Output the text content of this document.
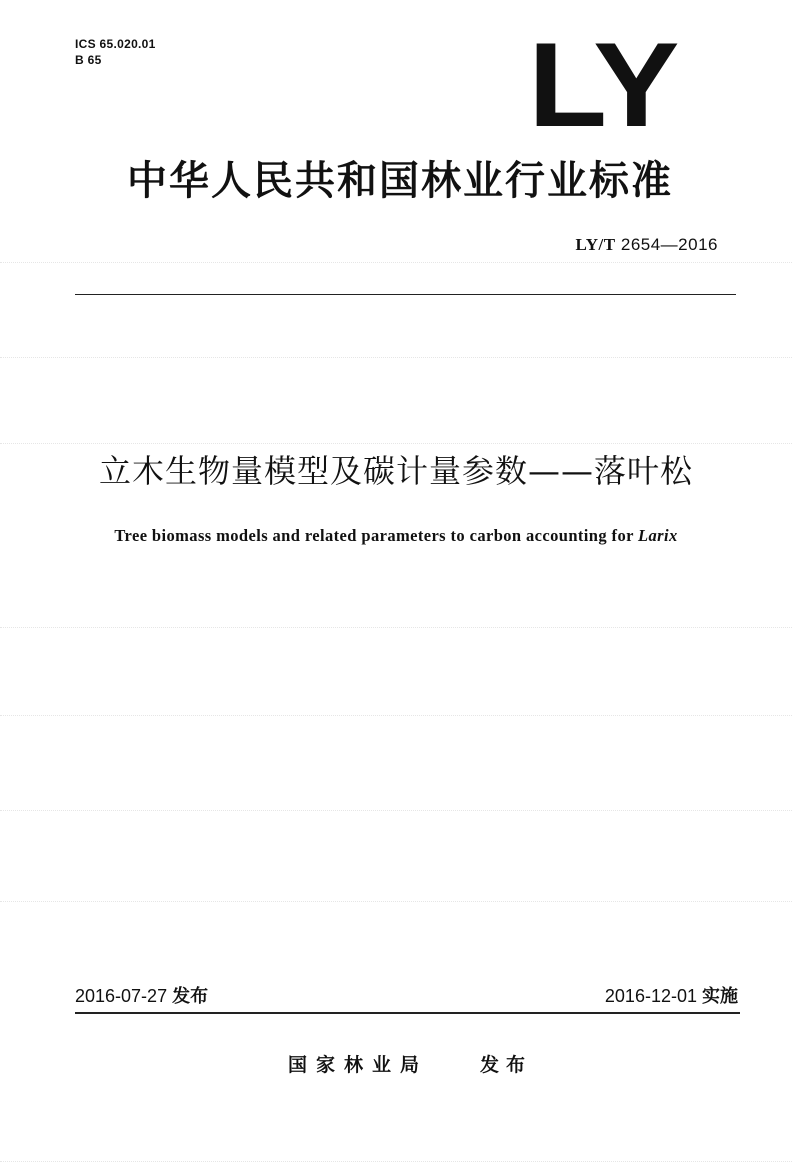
ICS 65.020.01
B 65	LY
中华人民共和国林业行业标准
LY/T 2654—2016
立木生物量模型及碳计量参数——落叶松
Tree biomass models and related parameters to carbon accounting for Larix
2016-07-27 发布	2016-12-01 实施
国家林业局	发布
